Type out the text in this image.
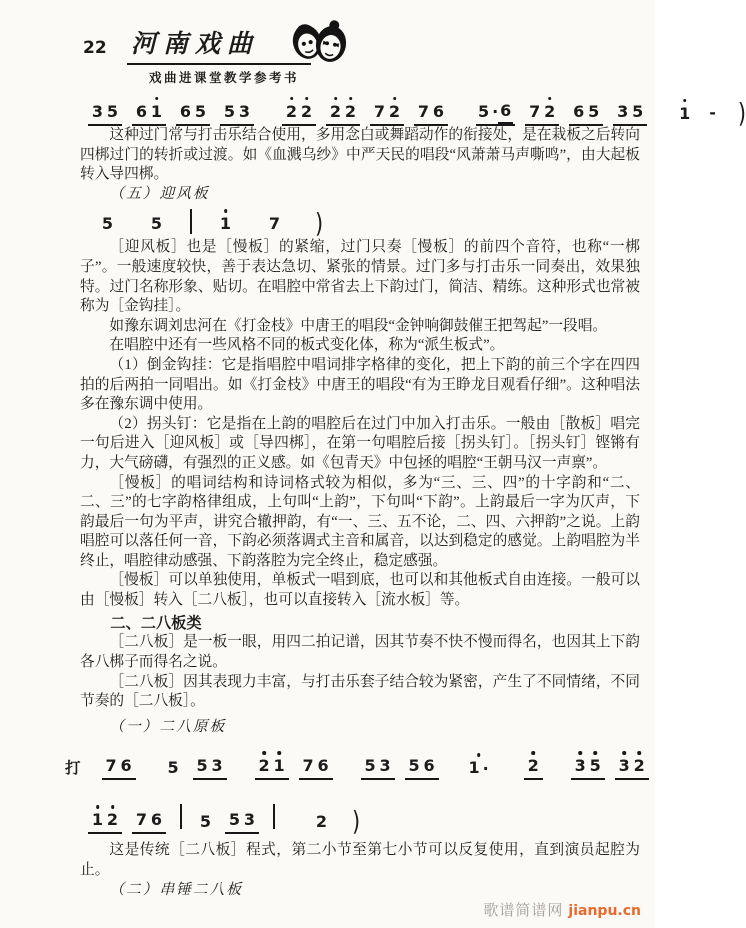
22 河南戏曲
戏曲进课堂教学参考书
3 5 6 1 6 5 5 3 2 2 2 2 7 2 7 6 5 · 6 7 2 6 5 3 5 1 - )

这种过门常与打击乐结合使用，多用念白或舞蹈动作的衔接处，是在栽板之后转向四梆过门的转折或过渡。如《血溅乌纱》中严天民的唱段“风萧萧马声嘶鸣”，由大起板转入导四梆。

（五）迎风板

5 5	1 7 )

［迎风板］也是［慢板］的紧缩，过门只奏［慢板］的前四个音符，也称“一梆子”。一般速度较快，善于表达急切、紧张的情景。过门多与打击乐一同奏出，效果独特。过门名称形象、贴切。在唱腔中常省去上下韵过门，简洁、精练。这种形式也常被称为［金钩挂］。

如豫东调刘忠河在《打金枝》中唐王的唱段“金钟响御鼓催王把驾起”一段唱。

在唱腔中还有一些风格不同的板式变化体，称为“派生板式”。

（1）倒金钩挂：它是指唱腔中唱词排字格律的变化，把上下韵的前三个字在四四拍的后两拍一同唱出。如《打金枝》中唐王的唱段“有为王睁龙目观看仔细”。这种唱法多在豫东调中使用。

（2）拐头钉：它是指在上韵的唱腔后在过门中加入打击乐。一般由［散板］唱完一句后进入［迎风板］或［导四梆］，在第一句唱腔后接［拐头钉］。［拐头钉］铿锵有力，大气磅礴，有强烈的正义感。如《包青天》中包拯的唱腔“王朝马汉一声禀”。

［慢板］的唱词结构和诗词格式较为相似，多为“三、三、四”的十字韵和“二、二、三”的七字韵格律组成，上句叫“上韵”，下句叫“下韵”。上韵最后一字为仄声，下韵最后一句为平声，讲究合辙押韵，有“一、三、五不论，二、四、六押韵”之说。上韵唱腔可以落任何一音，下韵必须落调式主音和属音，以达到稳定的感觉。上韵唱腔为半终止，唱腔律动感强、下韵落腔为完全终止，稳定感强。

［慢板］可以单独使用，单板式一唱到底，也可以和其他板式自由连接。一般可以由［慢板］转入［二八板］，也可以直接转入［流水板］等。

二、二八板类

［二八板］是一板一眼，用四二拍记谱，因其节奏不快不慢而得名，也因其上下韵各八梆子而得名之说。

［二八板］因其表现力丰富，与打击乐套子结合较为紧密，产生了不同情绪，不同节奏的［二八板］。

（一）二八原板

打 7 6 5 5 3 2 1 7 6 5 3 5 6 1 · 2 3 5 3 2
1 2 7 6 5 5 3	2 )

这是传统［二八板］程式，第二小节至第七小节可以反复使用，直到演员起腔为止。

（二）串锤二八板

歌谱简谱网 jianpu.cn
